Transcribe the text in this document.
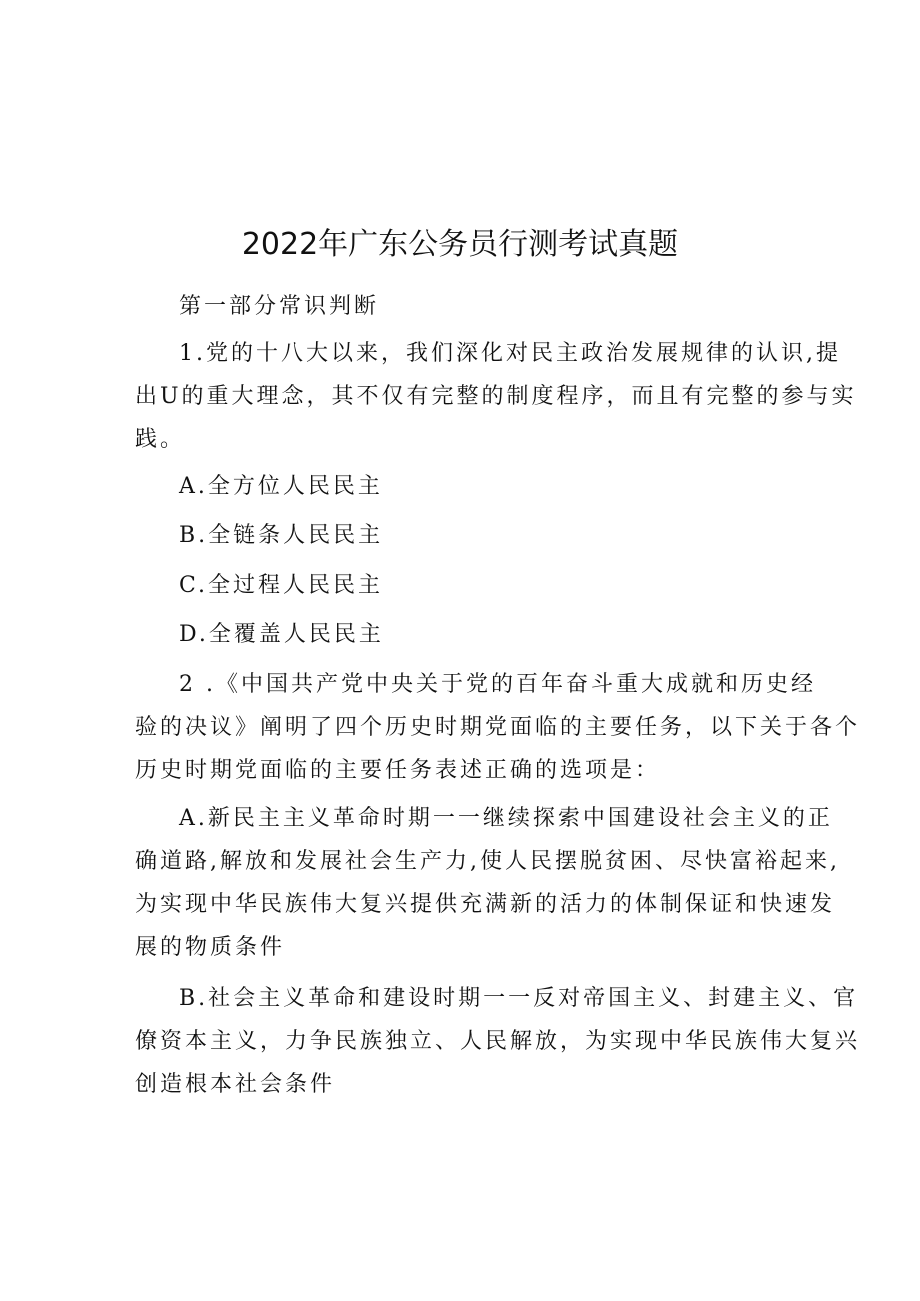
2022年广东公务员行测考试真题

第一部分常识判断

1.党的十八大以来，我们深化对民主政治发展规律的认识,提
出U的重大理念，其不仅有完整的制度程序，而且有完整的参与实
践。

A.全方位人民民主

B.全链条人民民主

C.全过程人民民主

D.全覆盖人民民主

2 .《中国共产党中央关于党的百年奋斗重大成就和历史经
验的决议》阐明了四个历史时期党面临的主要任务，以下关于各个
历史时期党面临的主要任务表述正确的选项是：
A.新民主主义革命时期一一继续探索中国建设社会主义的正
确道路,解放和发展社会生产力,使人民摆脱贫困、尽快富裕起来,
为实现中华民族伟大复兴提供充满新的活力的体制保证和快速发
展的物质条件
B.社会主义革命和建设时期一一反对帝国主义、封建主义、官
僚资本主义，力争民族独立、人民解放，为实现中华民族伟大复兴
创造根本社会条件
